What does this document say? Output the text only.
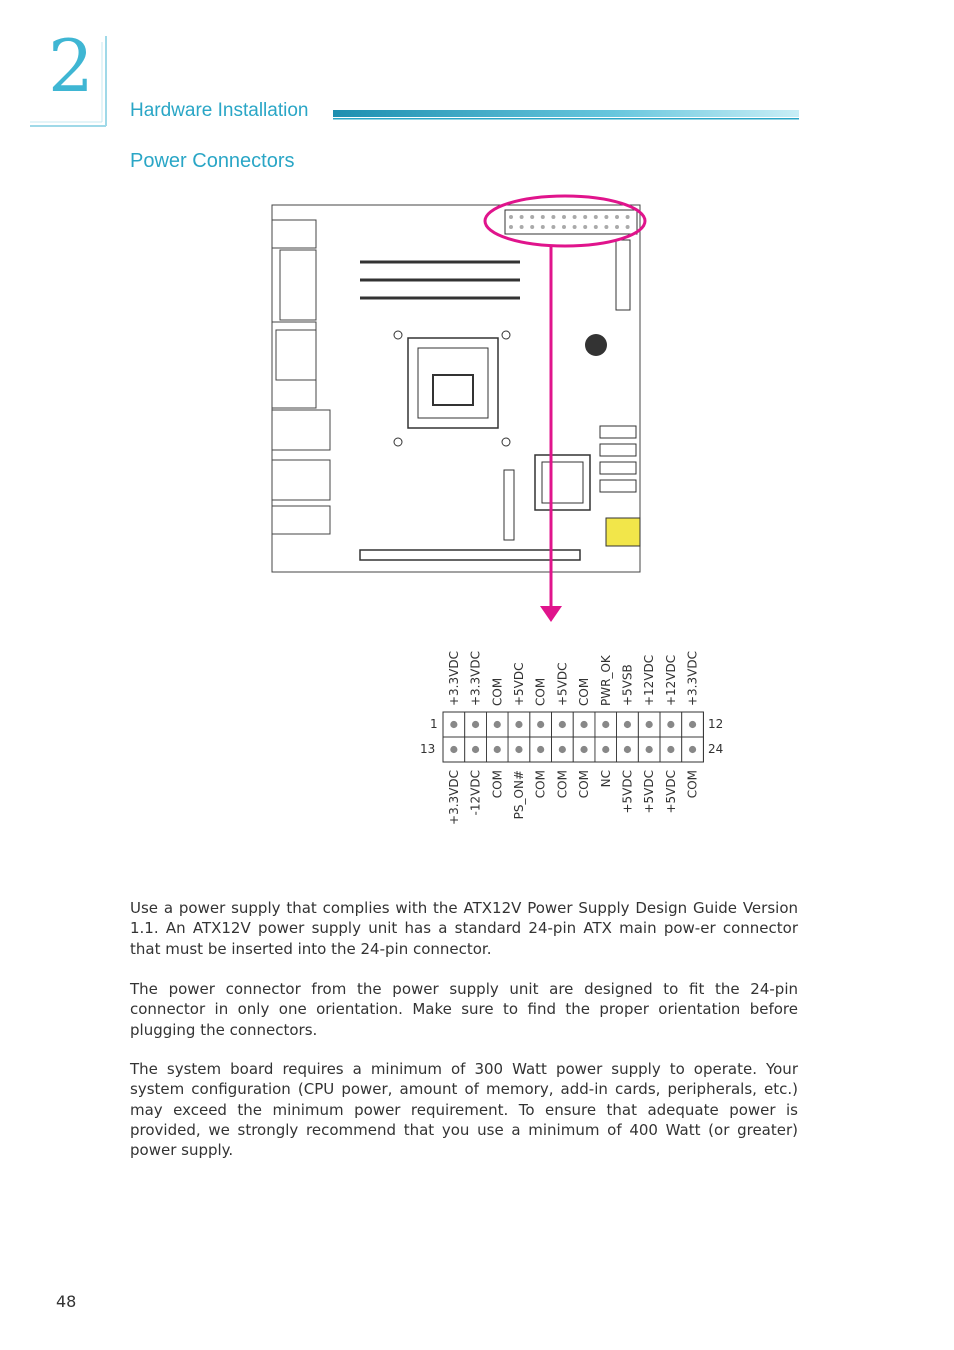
2
Hardware Installation
Power Connectors
+3.3VDC +3.3VDC COM +5VDC COM +5VDC COM PWR_OK +5VSB +12VDC +12VDC +3.3VDC
+3.3VDC -12VDC COM PS_ON# COM COM COM NC +5VDC +5VDC +5VDC COM
1
13
12
24
Use a power supply that complies with the ATX12V Power Supply Design Guide Version 1.1. An ATX12V power supply unit has a standard 24-pin ATX main pow-er connector that must be inserted into the 24-pin connector.
The power connector from the power supply unit are designed to fit the 24-pin connector in only one orientation. Make sure to find the proper orientation before plugging the connectors.
The system board requires a minimum of 300 Watt power supply to operate. Your system configuration (CPU power, amount of memory, add-in cards, peripherals, etc.) may exceed the minimum power requirement. To ensure that adequate power is provided, we strongly recommend that you use a minimum of 400 Watt (or greater) power supply.
48
